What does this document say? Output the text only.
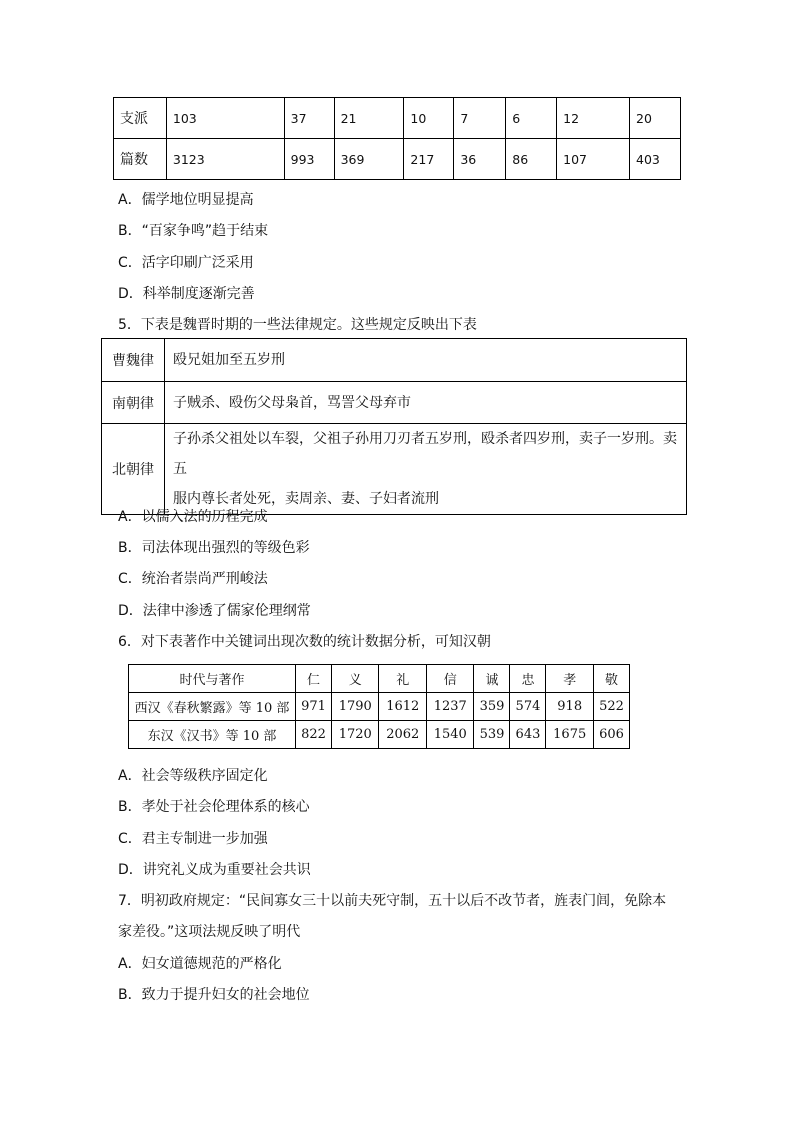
支派	103	37	21	10	7	6	12	20
篇数	3123	993	369	217	36	86	107	403
A．儒学地位明显提高
B．“百家争鸣”趋于结束
C．活字印刷广泛采用
D．科举制度逐渐完善
5．下表是魏晋时期的一些法律规定。这些规定反映出下表
曹魏律	殴兄姐加至五岁刑
南朝律	子贼杀、殴伤父母枭首，骂詈父母弃市
北朝律	子孙杀父祖处以车裂，父祖子孙用刀刃者五岁刑，殴杀者四岁刑，卖子一岁刑。卖五
服内尊长者处死，卖周亲、妻、子妇者流刑
A．以儒入法的历程完成
B．司法体现出强烈的等级色彩
C．统治者崇尚严刑峻法
D．法律中渗透了儒家伦理纲常
6．对下表著作中关键词出现次数的统计数据分析，可知汉朝
时代与著作	仁	义	礼	信	诚	忠	孝	敬
西汉《春秋繁露》等 10 部	971	1790	1612	1237	359	574	918	522
东汉《汉书》等 10 部	822	1720	2062	1540	539	643	1675	606
A．社会等级秩序固定化
B．孝处于社会伦理体系的核心
C．君主专制进一步加强
D．讲究礼义成为重要社会共识
7．明初政府规定：“民间寡女三十以前夫死守制，五十以后不改节者，旌表门闾，免除本
家差役。”这项法规反映了明代
A．妇女道德规范的严格化
B．致力于提升妇女的社会地位
